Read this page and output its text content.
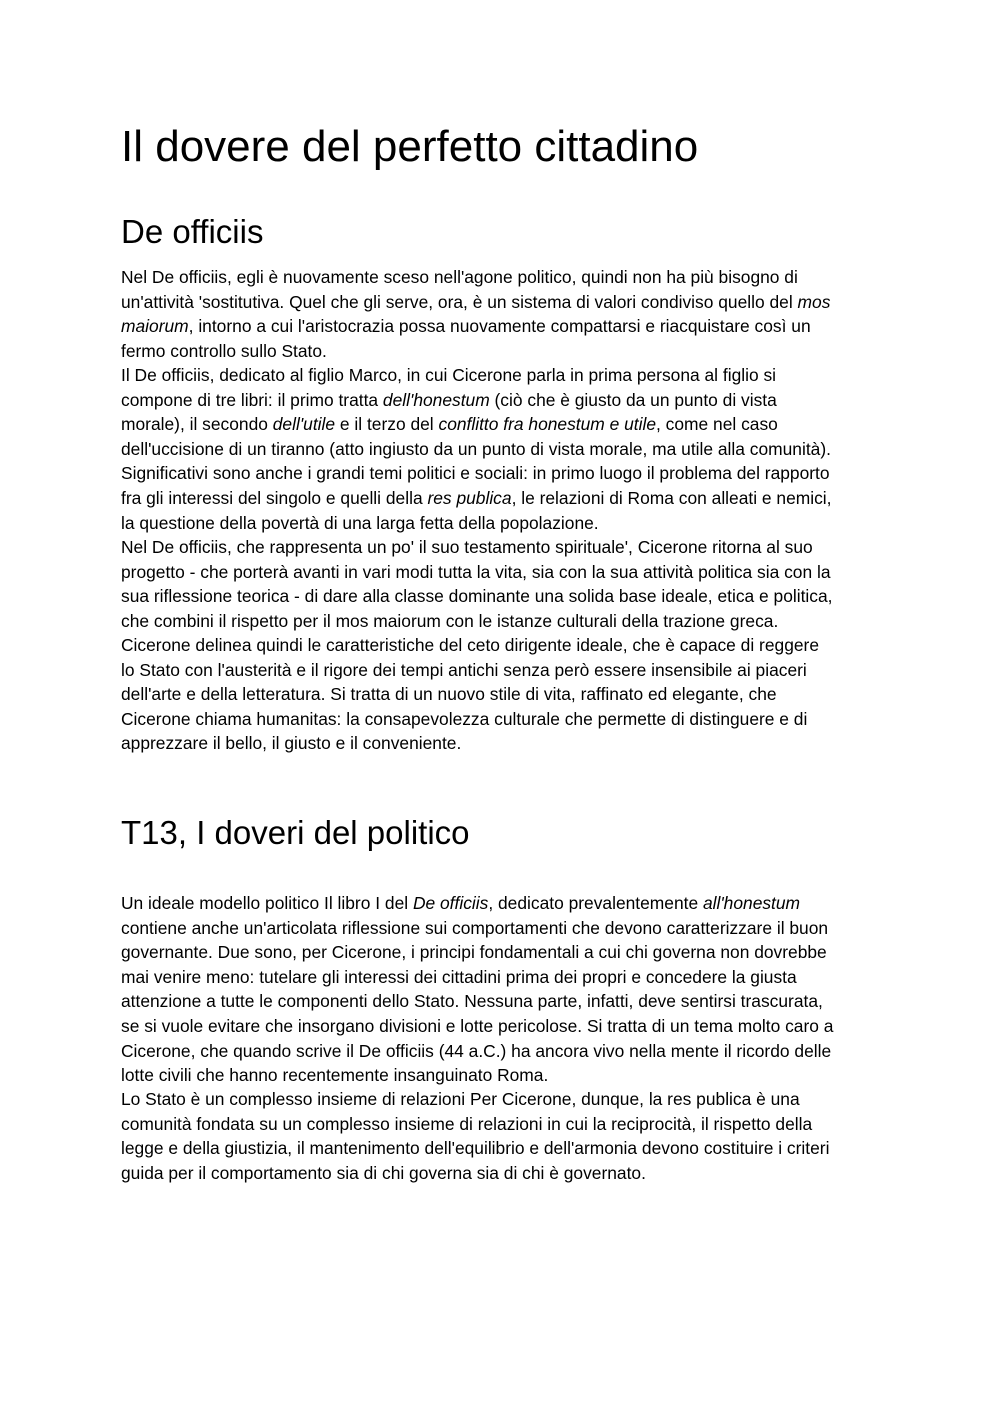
Il dovere del perfetto cittadino
De officiis

Nel De officiis, egli è nuovamente sceso nell'agone politico, quindi non ha più bisogno di
un'attività 'sostitutiva. Quel che gli serve, ora, è un sistema di valori condiviso quello del mos
maiorum, intorno a cui l'aristocrazia possa nuovamente compattarsi e riacquistare così un
fermo controllo sullo Stato.

Il De officiis, dedicato al figlio Marco, in cui Cicerone parla in prima persona al figlio si
compone di tre libri: il primo tratta dell'honestum (ciò che è giusto da un punto di vista
morale), il secondo dell'utile e il terzo del conflitto fra honestum e utile, come nel caso
dell'uccisione di un tiranno (atto ingiusto da un punto di vista morale, ma utile alla comunità).
Significativi sono anche i grandi temi politici e sociali: in primo luogo il problema del rapporto
fra gli interessi del singolo e quelli della res publica, le relazioni di Roma con alleati e nemici,
la questione della povertà di una larga fetta della popolazione.

Nel De officiis, che rappresenta un po' il suo testamento spirituale', Cicerone ritorna al suo
progetto - che porterà avanti in vari modi tutta la vita, sia con la sua attività politica sia con la
sua riflessione teorica - di dare alla classe dominante una solida base ideale, etica e politica,
che combini il rispetto per il mos maiorum con le istanze culturali della trazione greca.

Cicerone delinea quindi le caratteristiche del ceto dirigente ideale, che è capace di reggere
lo Stato con l'austerità e il rigore dei tempi antichi senza però essere insensibile ai piaceri
dell'arte e della letteratura. Si tratta di un nuovo stile di vita, raffinato ed elegante, che
Cicerone chiama humanitas: la consapevolezza culturale che permette di distinguere e di
apprezzare il bello, il giusto e il conveniente.

T13, I doveri del politico

Un ideale modello politico Il libro I del De officiis, dedicato prevalentemente all'honestum
contiene anche un'articolata riflessione sui comportamenti che devono caratterizzare il buon
governante. Due sono, per Cicerone, i principi fondamentali a cui chi governa non dovrebbe
mai venire meno: tutelare gli interessi dei cittadini prima dei propri e concedere la giusta
attenzione a tutte le componenti dello Stato. Nessuna parte, infatti, deve sentirsi trascurata,
se si vuole evitare che insorgano divisioni e lotte pericolose. Si tratta di un tema molto caro a
Cicerone, che quando scrive il De officiis (44 a.C.) ha ancora vivo nella mente il ricordo delle
lotte civili che hanno recentemente insanguinato Roma.

Lo Stato è un complesso insieme di relazioni Per Cicerone, dunque, la res publica è una
comunità fondata su un complesso insieme di relazioni in cui la reciprocità, il rispetto della
legge e della giustizia, il mantenimento dell'equilibrio e dell'armonia devono costituire i criteri
guida per il comportamento sia di chi governa sia di chi è governato.
